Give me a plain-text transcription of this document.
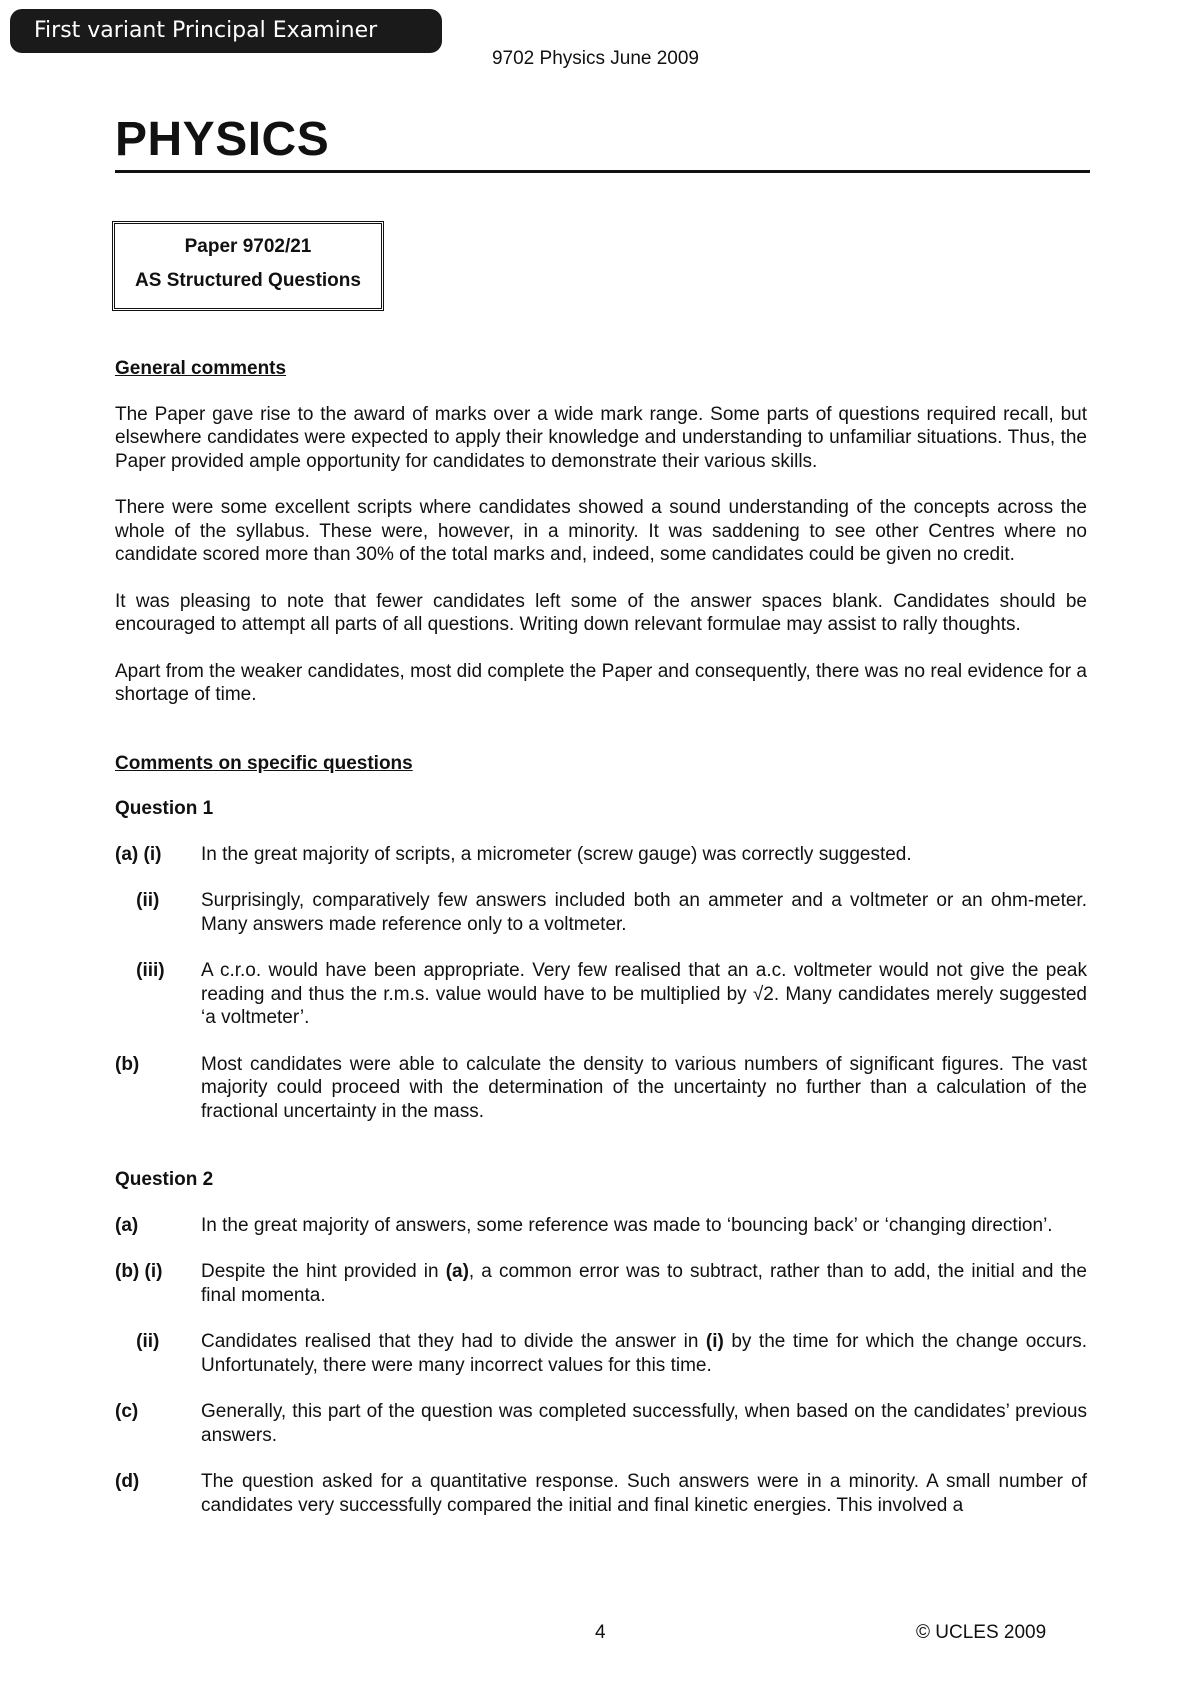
First variant Principal Examiner Report
9702 Physics June 2009
PHYSICS
Paper 9702/21
AS Structured Questions
General comments
The Paper gave rise to the award of marks over a wide mark range. Some parts of questions required recall, but elsewhere candidates were expected to apply their knowledge and understanding to unfamiliar situations. Thus, the Paper provided ample opportunity for candidates to demonstrate their various skills.
There were some excellent scripts where candidates showed a sound understanding of the concepts across the whole of the syllabus. These were, however, in a minority. It was saddening to see other Centres where no candidate scored more than 30% of the total marks and, indeed, some candidates could be given no credit.
It was pleasing to note that fewer candidates left some of the answer spaces blank. Candidates should be encouraged to attempt all parts of all questions. Writing down relevant formulae may assist to rally thoughts.
Apart from the weaker candidates, most did complete the Paper and consequently, there was no real evidence for a shortage of time.
Comments on specific questions
Question 1
(a) (i)	In the great majority of scripts, a micrometer (screw gauge) was correctly suggested.
(ii)	Surprisingly, comparatively few answers included both an ammeter and a voltmeter or an ohm-meter. Many answers made reference only to a voltmeter.
(iii)	A c.r.o. would have been appropriate. Very few realised that an a.c. voltmeter would not give the peak reading and thus the r.m.s. value would have to be multiplied by √2. Many candidates merely suggested ‘a voltmeter’.
(b)	Most candidates were able to calculate the density to various numbers of significant figures. The vast majority could proceed with the determination of the uncertainty no further than a calculation of the fractional uncertainty in the mass.
Question 2
(a)	In the great majority of answers, some reference was made to ‘bouncing back’ or ‘changing direction’.
(b) (i)	Despite the hint provided in (a), a common error was to subtract, rather than to add, the initial and the final momenta.
(ii)	Candidates realised that they had to divide the answer in (i) by the time for which the change occurs. Unfortunately, there were many incorrect values for this time.
(c)	Generally, this part of the question was completed successfully, when based on the candidates’ previous answers.
(d)	The question asked for a quantitative response. Such answers were in a minority. A small number of candidates very successfully compared the initial and final kinetic energies. This involved a
4	© UCLES 2009
